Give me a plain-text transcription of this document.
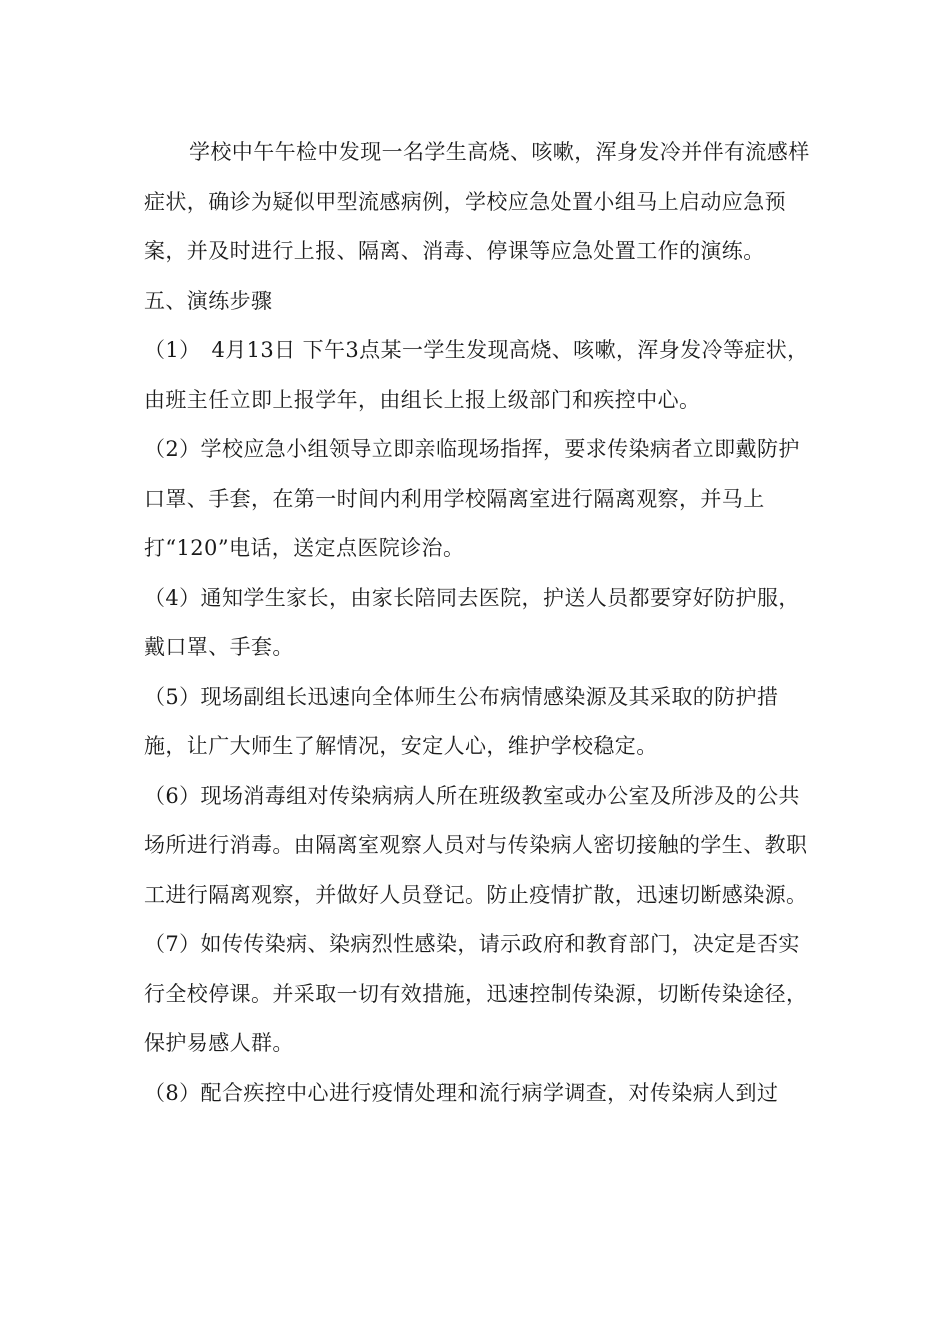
学校中午午检中发现一名学生高烧、咳嗽，浑身发冷并伴有流感样症状，确诊为疑似甲型流感病例，学校应急处置小组马上启动应急预案，并及时进行上报、隔离、消毒、停课等应急处置工作的演练。

五、演练步骤

（1）　4月13日 下午3点某一学生发现高烧、咳嗽，浑身发冷等症状，由班主任立即上报学年，由组长上报上级部门和疾控中心。

（2）学校应急小组领导立即亲临现场指挥，要求传染病者立即戴防护口罩、手套，在第一时间内利用学校隔离室进行隔离观察，并马上打“120”电话，送定点医院诊治。

（4）通知学生家长，由家长陪同去医院，护送人员都要穿好防护服，戴口罩、手套。

（5）现场副组长迅速向全体师生公布病情感染源及其采取的防护措施，让广大师生了解情况，安定人心，维护学校稳定。

（6）现场消毒组对传染病病人所在班级教室或办公室及所涉及的公共场所进行消毒。由隔离室观察人员对与传染病人密切接触的学生、教职工进行隔离观察，并做好人员登记。防止疫情扩散，迅速切断感染源。

（7）如传传染病、染病烈性感染，请示政府和教育部门，决定是否实行全校停课。并采取一切有效措施，迅速控制传染源，切断传染途径，保护易感人群。

（8）配合疾控中心进行疫情处理和流行病学调查，对传染病人到过
